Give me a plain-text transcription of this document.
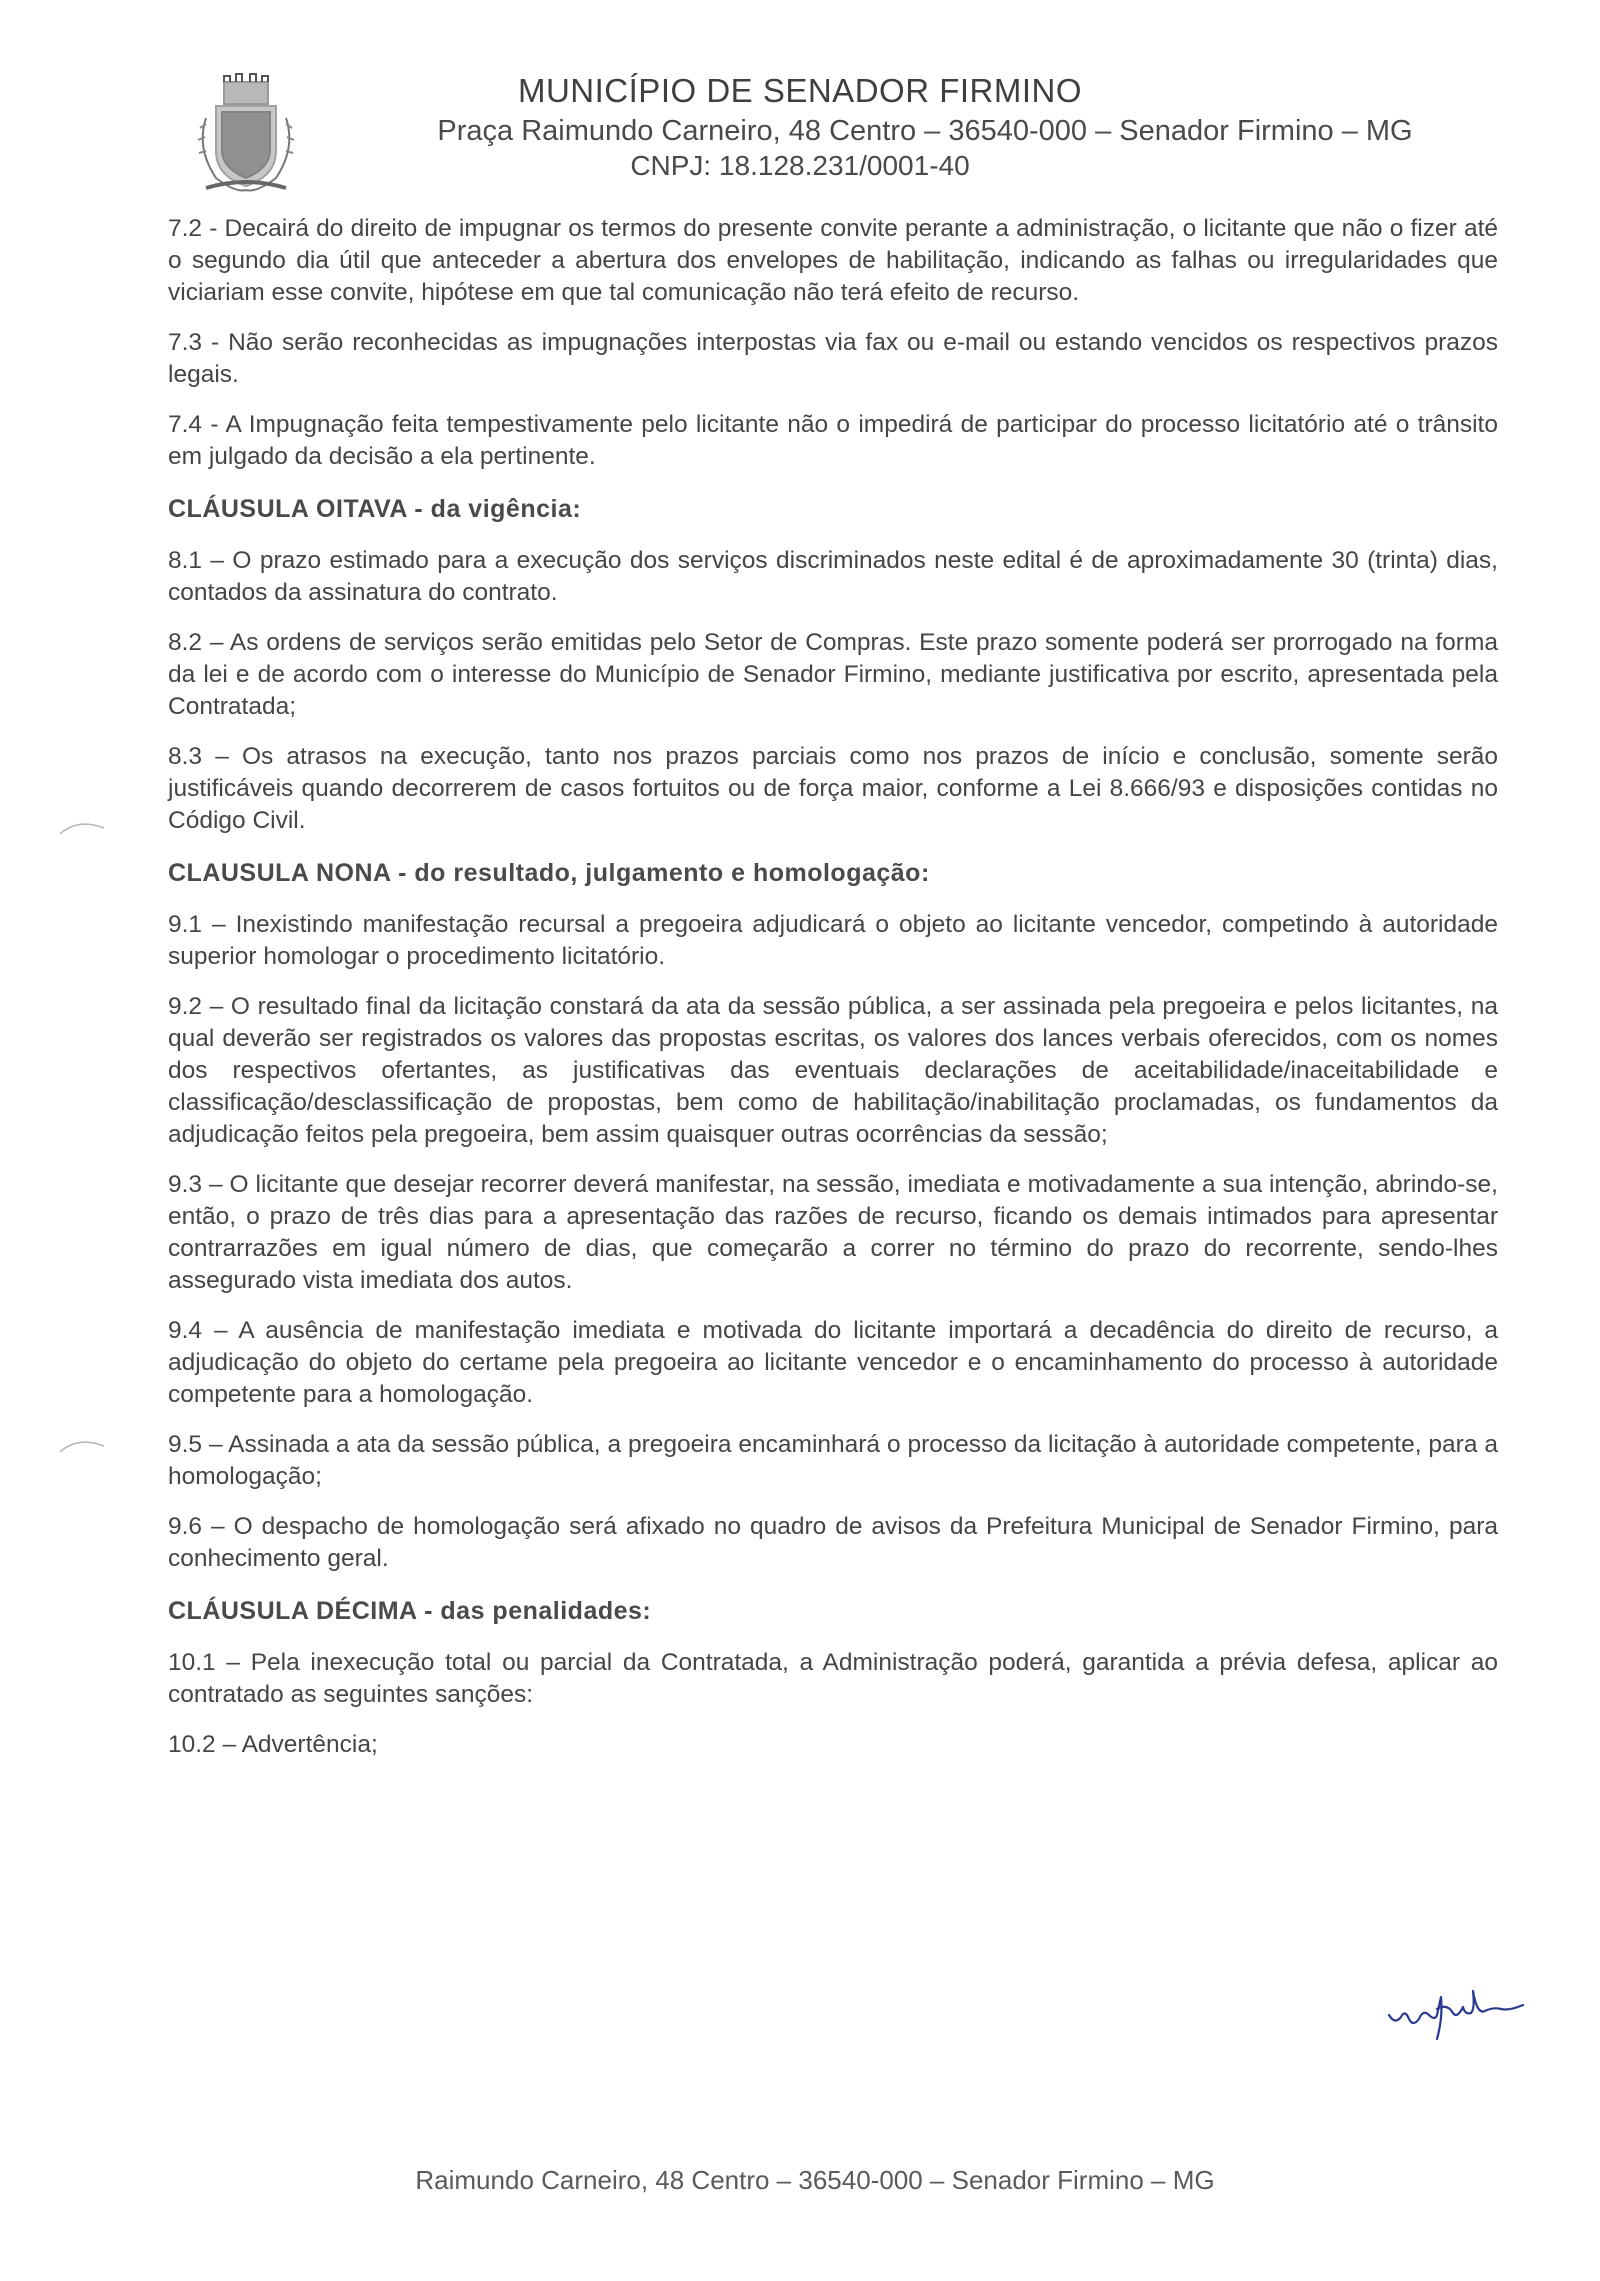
MUNICÍPIO DE SENADOR FIRMINO
Praça Raimundo Carneiro, 48 Centro – 36540-000 – Senador Firmino – MG
CNPJ: 18.128.231/0001-40

7.2 - Decairá do direito de impugnar os termos do presente convite perante a administração, o licitante que não o fizer até o segundo dia útil que anteceder a abertura dos envelopes de habilitação, indicando as falhas ou irregularidades que viciariam esse convite, hipótese em que tal comunicação não terá efeito de recurso.

7.3 - Não serão reconhecidas as impugnações interpostas via fax ou e-mail ou estando vencidos os respectivos prazos legais.

7.4 - A Impugnação feita tempestivamente pelo licitante não o impedirá de participar do processo licitatório até o trânsito em julgado da decisão a ela pertinente.

CLÁUSULA OITAVA - da vigência:

8.1 – O prazo estimado para a execução dos serviços discriminados neste edital é de aproximadamente 30 (trinta) dias, contados da assinatura do contrato.

8.2 – As ordens de serviços serão emitidas pelo Setor de Compras. Este prazo somente poderá ser prorrogado na forma da lei e de acordo com o interesse do Município de Senador Firmino, mediante justificativa por escrito, apresentada pela Contratada;

8.3 – Os atrasos na execução, tanto nos prazos parciais como nos prazos de início e conclusão, somente serão justificáveis quando decorrerem de casos fortuitos ou de força maior, conforme a Lei 8.666/93 e disposições contidas no Código Civil.

CLAUSULA NONA - do resultado, julgamento e homologação:

9.1 – Inexistindo manifestação recursal a pregoeira adjudicará o objeto ao licitante vencedor, competindo à autoridade superior homologar o procedimento licitatório.

9.2 – O resultado final da licitação constará da ata da sessão pública, a ser assinada pela pregoeira e pelos licitantes, na qual deverão ser registrados os valores das propostas escritas, os valores dos lances verbais oferecidos, com os nomes dos respectivos ofertantes, as justificativas das eventuais declarações de aceitabilidade/inaceitabilidade e classificação/desclassificação de propostas, bem como de habilitação/inabilitação proclamadas, os fundamentos da adjudicação feitos pela pregoeira, bem assim quaisquer outras ocorrências da sessão;

9.3 – O licitante que desejar recorrer deverá manifestar, na sessão, imediata e motivadamente a sua intenção, abrindo-se, então, o prazo de três dias para a apresentação das razões de recurso, ficando os demais intimados para apresentar contrarrazões em igual número de dias, que começarão a correr no término do prazo do recorrente, sendo-lhes assegurado vista imediata dos autos.

9.4 – A ausência de manifestação imediata e motivada do licitante importará a decadência do direito de recurso, a adjudicação do objeto do certame pela pregoeira ao licitante vencedor e o encaminhamento do processo à autoridade competente para a homologação.

9.5 – Assinada a ata da sessão pública, a pregoeira encaminhará o processo da licitação à autoridade competente, para a homologação;

9.6 – O despacho de homologação será afixado no quadro de avisos da Prefeitura Municipal de Senador Firmino, para conhecimento geral.

CLÁUSULA DÉCIMA - das penalidades:

10.1 – Pela inexecução total ou parcial da Contratada, a Administração poderá, garantida a prévia defesa, aplicar ao contratado as seguintes sanções:

10.2 – Advertência;

Raimundo Carneiro, 48 Centro – 36540-000 – Senador Firmino – MG
